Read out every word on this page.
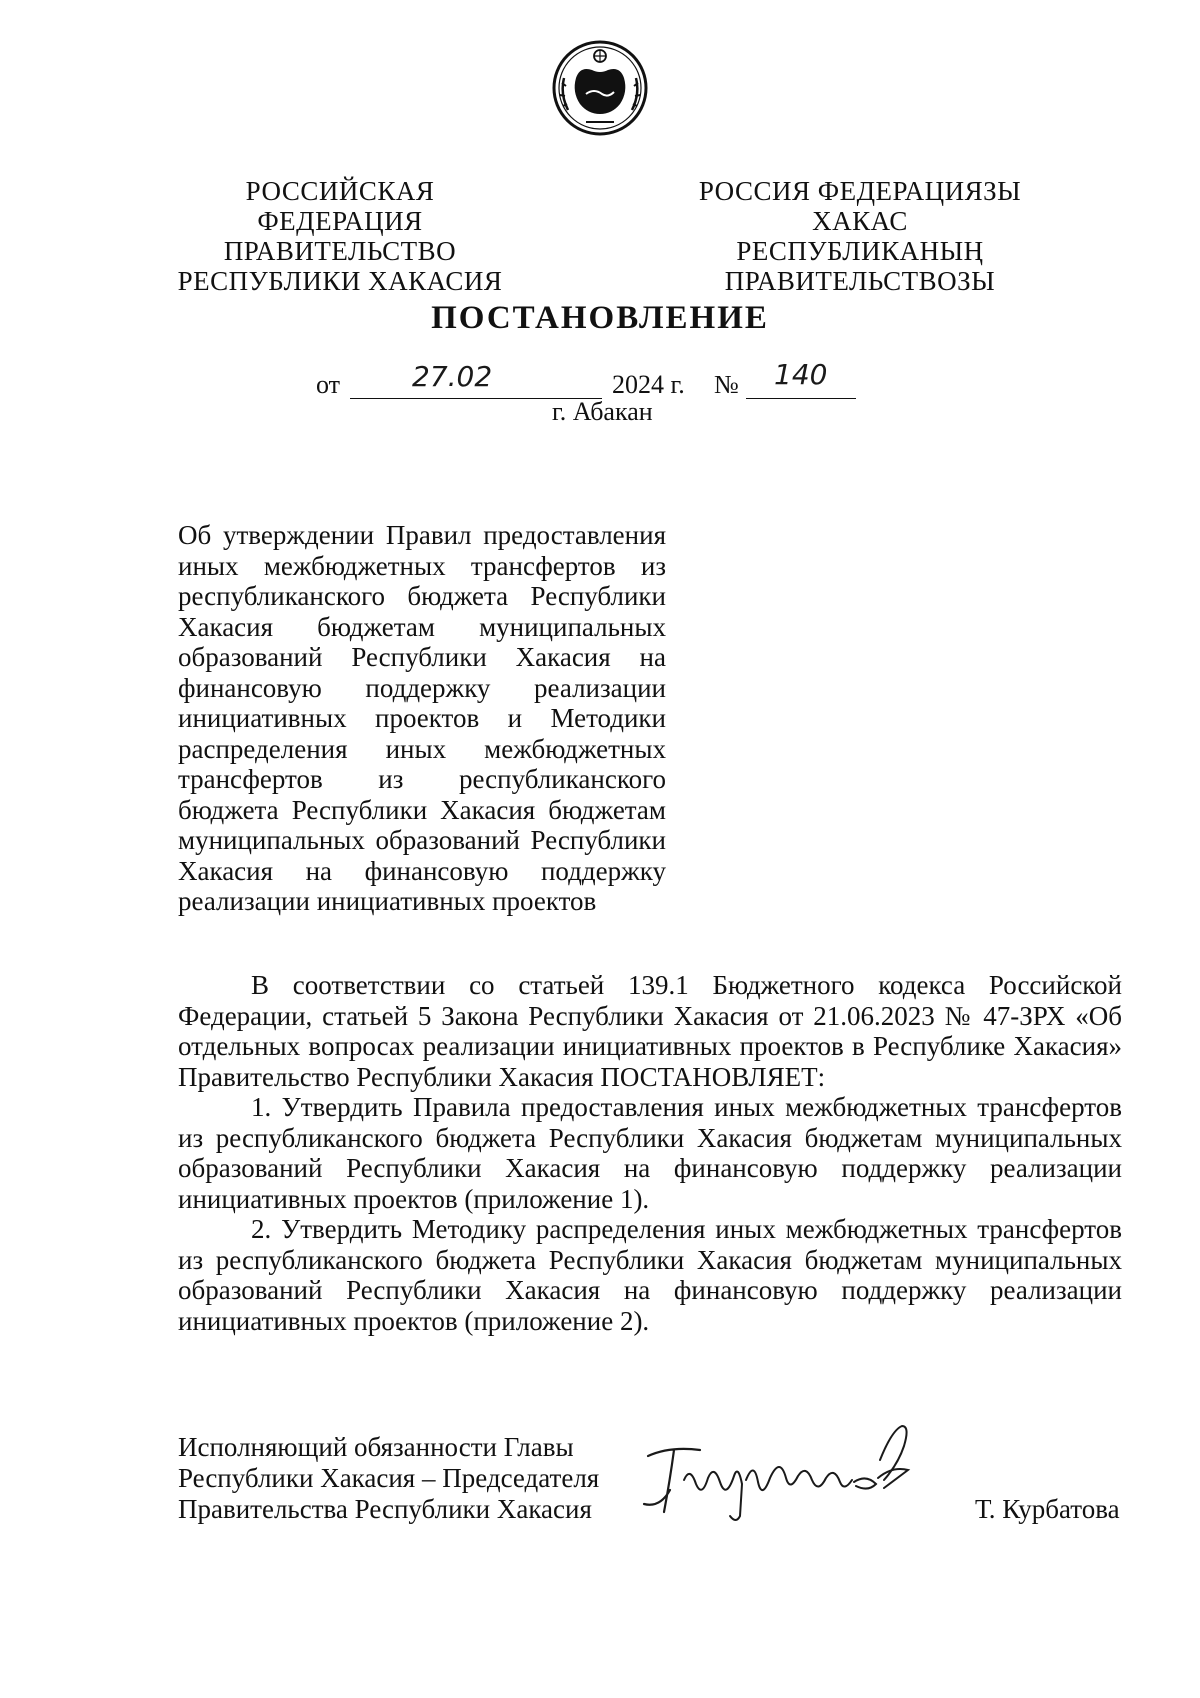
РОССИЙСКАЯ ФЕДЕРАЦИЯ
ПРАВИТЕЛЬСТВО
РЕСПУБЛИКИ ХАКАСИЯ
РОССИЯ ФЕДЕРАЦИЯЗЫ
ХАКАС РЕСПУБЛИКАНЫҢ
ПРАВИТЕЛЬСТВОЗЫ
ПОСТАНОВЛЕНИЕ
от	27.02	2024 г. № 140
г. Абакан
Об утверждении Правил предоставления иных межбюджетных трансфертов из республиканского бюджета Республики Хакасия бюджетам муниципальных образований Республики Хакасия на финансовую поддержку реализации инициативных проектов и Методики распределения иных межбюджетных трансфертов из республиканского бюджета Республики Хакасия бюджетам муниципальных образований Республики Хакасия на финансовую поддержку реализации инициативных проектов

В соответствии со статьей 139.1 Бюджетного кодекса Российской Федерации, статьей 5 Закона Республики Хакасия от 21.06.2023 № 47-ЗРХ «Об отдельных вопросах реализации инициативных проектов в Республике Хакасия» Правительство Республики Хакасия ПОСТАНОВЛЯЕТ:

1. Утвердить Правила предоставления иных межбюджетных трансфертов из республиканского бюджета Республики Хакасия бюджетам муниципальных образований Республики Хакасия на финансовую поддержку реализации инициативных проектов (приложение 1).

2. Утвердить Методику распределения иных межбюджетных трансфертов из республиканского бюджета Республики Хакасия бюджетам муниципальных образований Республики Хакасия на финансовую поддержку реализации инициативных проектов (приложение 2).

Исполняющий обязанности Главы
Республики Хакасия – Председателя
Правительства Республики Хакасия	Т. Курбатова
